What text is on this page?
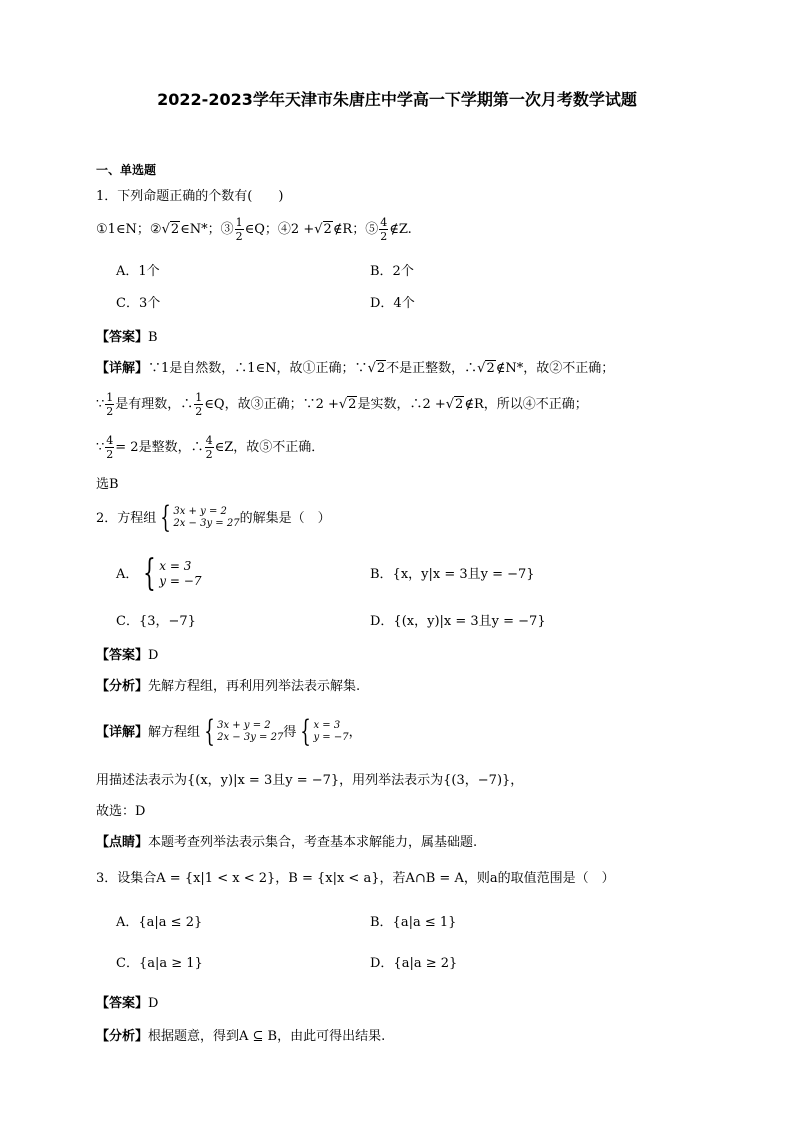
2022-2023学年天津市朱唐庄中学高一下学期第一次月考数学试题
一、单选题
1．下列命题正确的个数有(　　)
①1∈N；② √2 ∈N*；③ $\frac{1}{2}$ ∈Q；④2 + √2 ∉R；⑤ $\frac{4}{2}$ ∉Z.
A．1个	B．2个
C．3个	D．4个
【答案】B
【详解】 ∵1是自然数，∴1∈N，故①正确；∵ √2 不是正整数，∴ √2 ∉N*，故②不正确；
∵ $\frac{1}{2}$ 是有理数，∴ $\frac{1}{2}$ ∈Q，故③正确；∵2 + √2 是实数，∴2 + √2 ∉R，所以④不正确；
∵ $\frac{4}{2} = 2$是整数，∴ $\frac{4}{2}$ ∈Z，故⑤不正确．
选B
2．方程组 { 3x + y = 2
2x − 3y = 27 的解集是（　）
A． { x = 3
y = −7	B．{x，y|x = 3且y = −7}
C．{3，−7}	D．{(x，y)|x = 3且y = −7}
【答案】D
【分析】先解方程组，再利用列举法表示解集.
【详解】 解方程组 { 3x + y = 2
2x − 3y = 27 得 { x = 3
y = −7 ，
用描述法表示为{(x，y)|x = 3且y = −7}，用列举法表示为{(3，−7)}，
故选：D
【点睛】本题考查列举法表示集合，考查基本求解能力，属基础题.
3．设集合A = {x|1 < x < 2}，B = {x|x < a}，若A∩B = A，则a的取值范围是（　）
A．{a|a ≤ 2}	B．{a|a ≤ 1}
C．{a|a ≥ 1}	D．{a|a ≥ 2}
【答案】D
【分析】根据题意，得到A ⊆ B，由此可得出结果.
